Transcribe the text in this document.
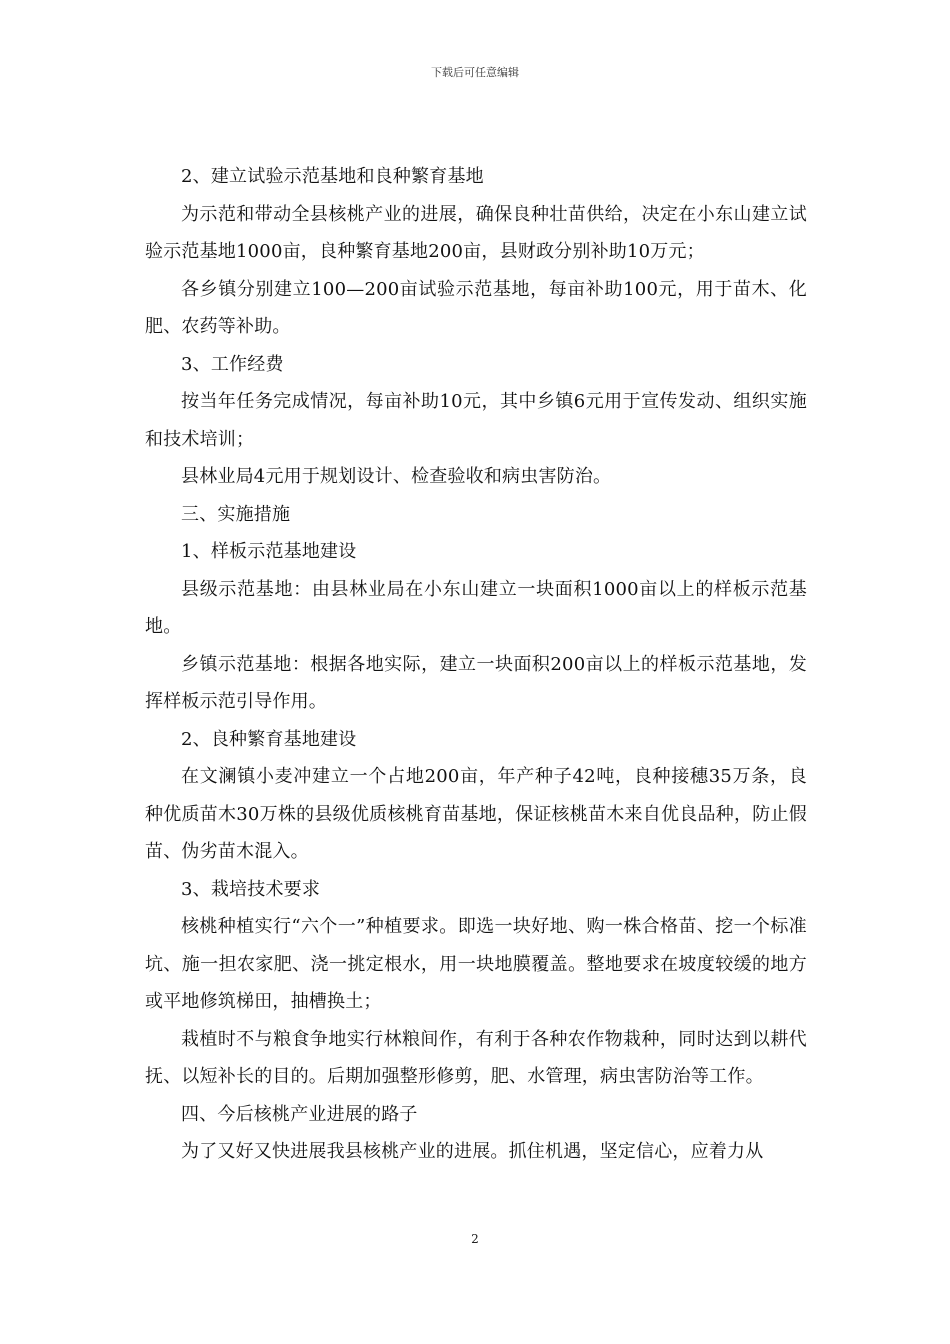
下载后可任意编辑

2、建立试验示范基地和良种繁育基地

为示范和带动全县核桃产业的进展，确保良种壮苗供给，决定在小东山建立试验示范基地1000亩，良种繁育基地200亩，县财政分别补助10万元；

各乡镇分别建立100—200亩试验示范基地，每亩补助100元，用于苗木、化肥、农药等补助。

3、工作经费

按当年任务完成情况，每亩补助10元，其中乡镇6元用于宣传发动、组织实施和技术培训；

县林业局4元用于规划设计、检查验收和病虫害防治。

三、实施措施

1、样板示范基地建设

县级示范基地：由县林业局在小东山建立一块面积1000亩以上的样板示范基地。

乡镇示范基地：根据各地实际，建立一块面积200亩以上的样板示范基地，发挥样板示范引导作用。

2、良种繁育基地建设

在文澜镇小麦冲建立一个占地200亩，年产种子42吨，良种接穗35万条，良种优质苗木30万株的县级优质核桃育苗基地，保证核桃苗木来自优良品种，防止假苗、伪劣苗木混入。

3、栽培技术要求

核桃种植实行“六个一”种植要求。即选一块好地、购一株合格苗、挖一个标准坑、施一担农家肥、浇一挑定根水，用一块地膜覆盖。整地要求在坡度较缓的地方或平地修筑梯田，抽槽换土；

栽植时不与粮食争地实行林粮间作，有利于各种农作物栽种，同时达到以耕代抚、以短补长的目的。后期加强整形修剪，肥、水管理，病虫害防治等工作。

四、今后核桃产业进展的路子

为了又好又快进展我县核桃产业的进展。抓住机遇，坚定信心，应着力从

2
